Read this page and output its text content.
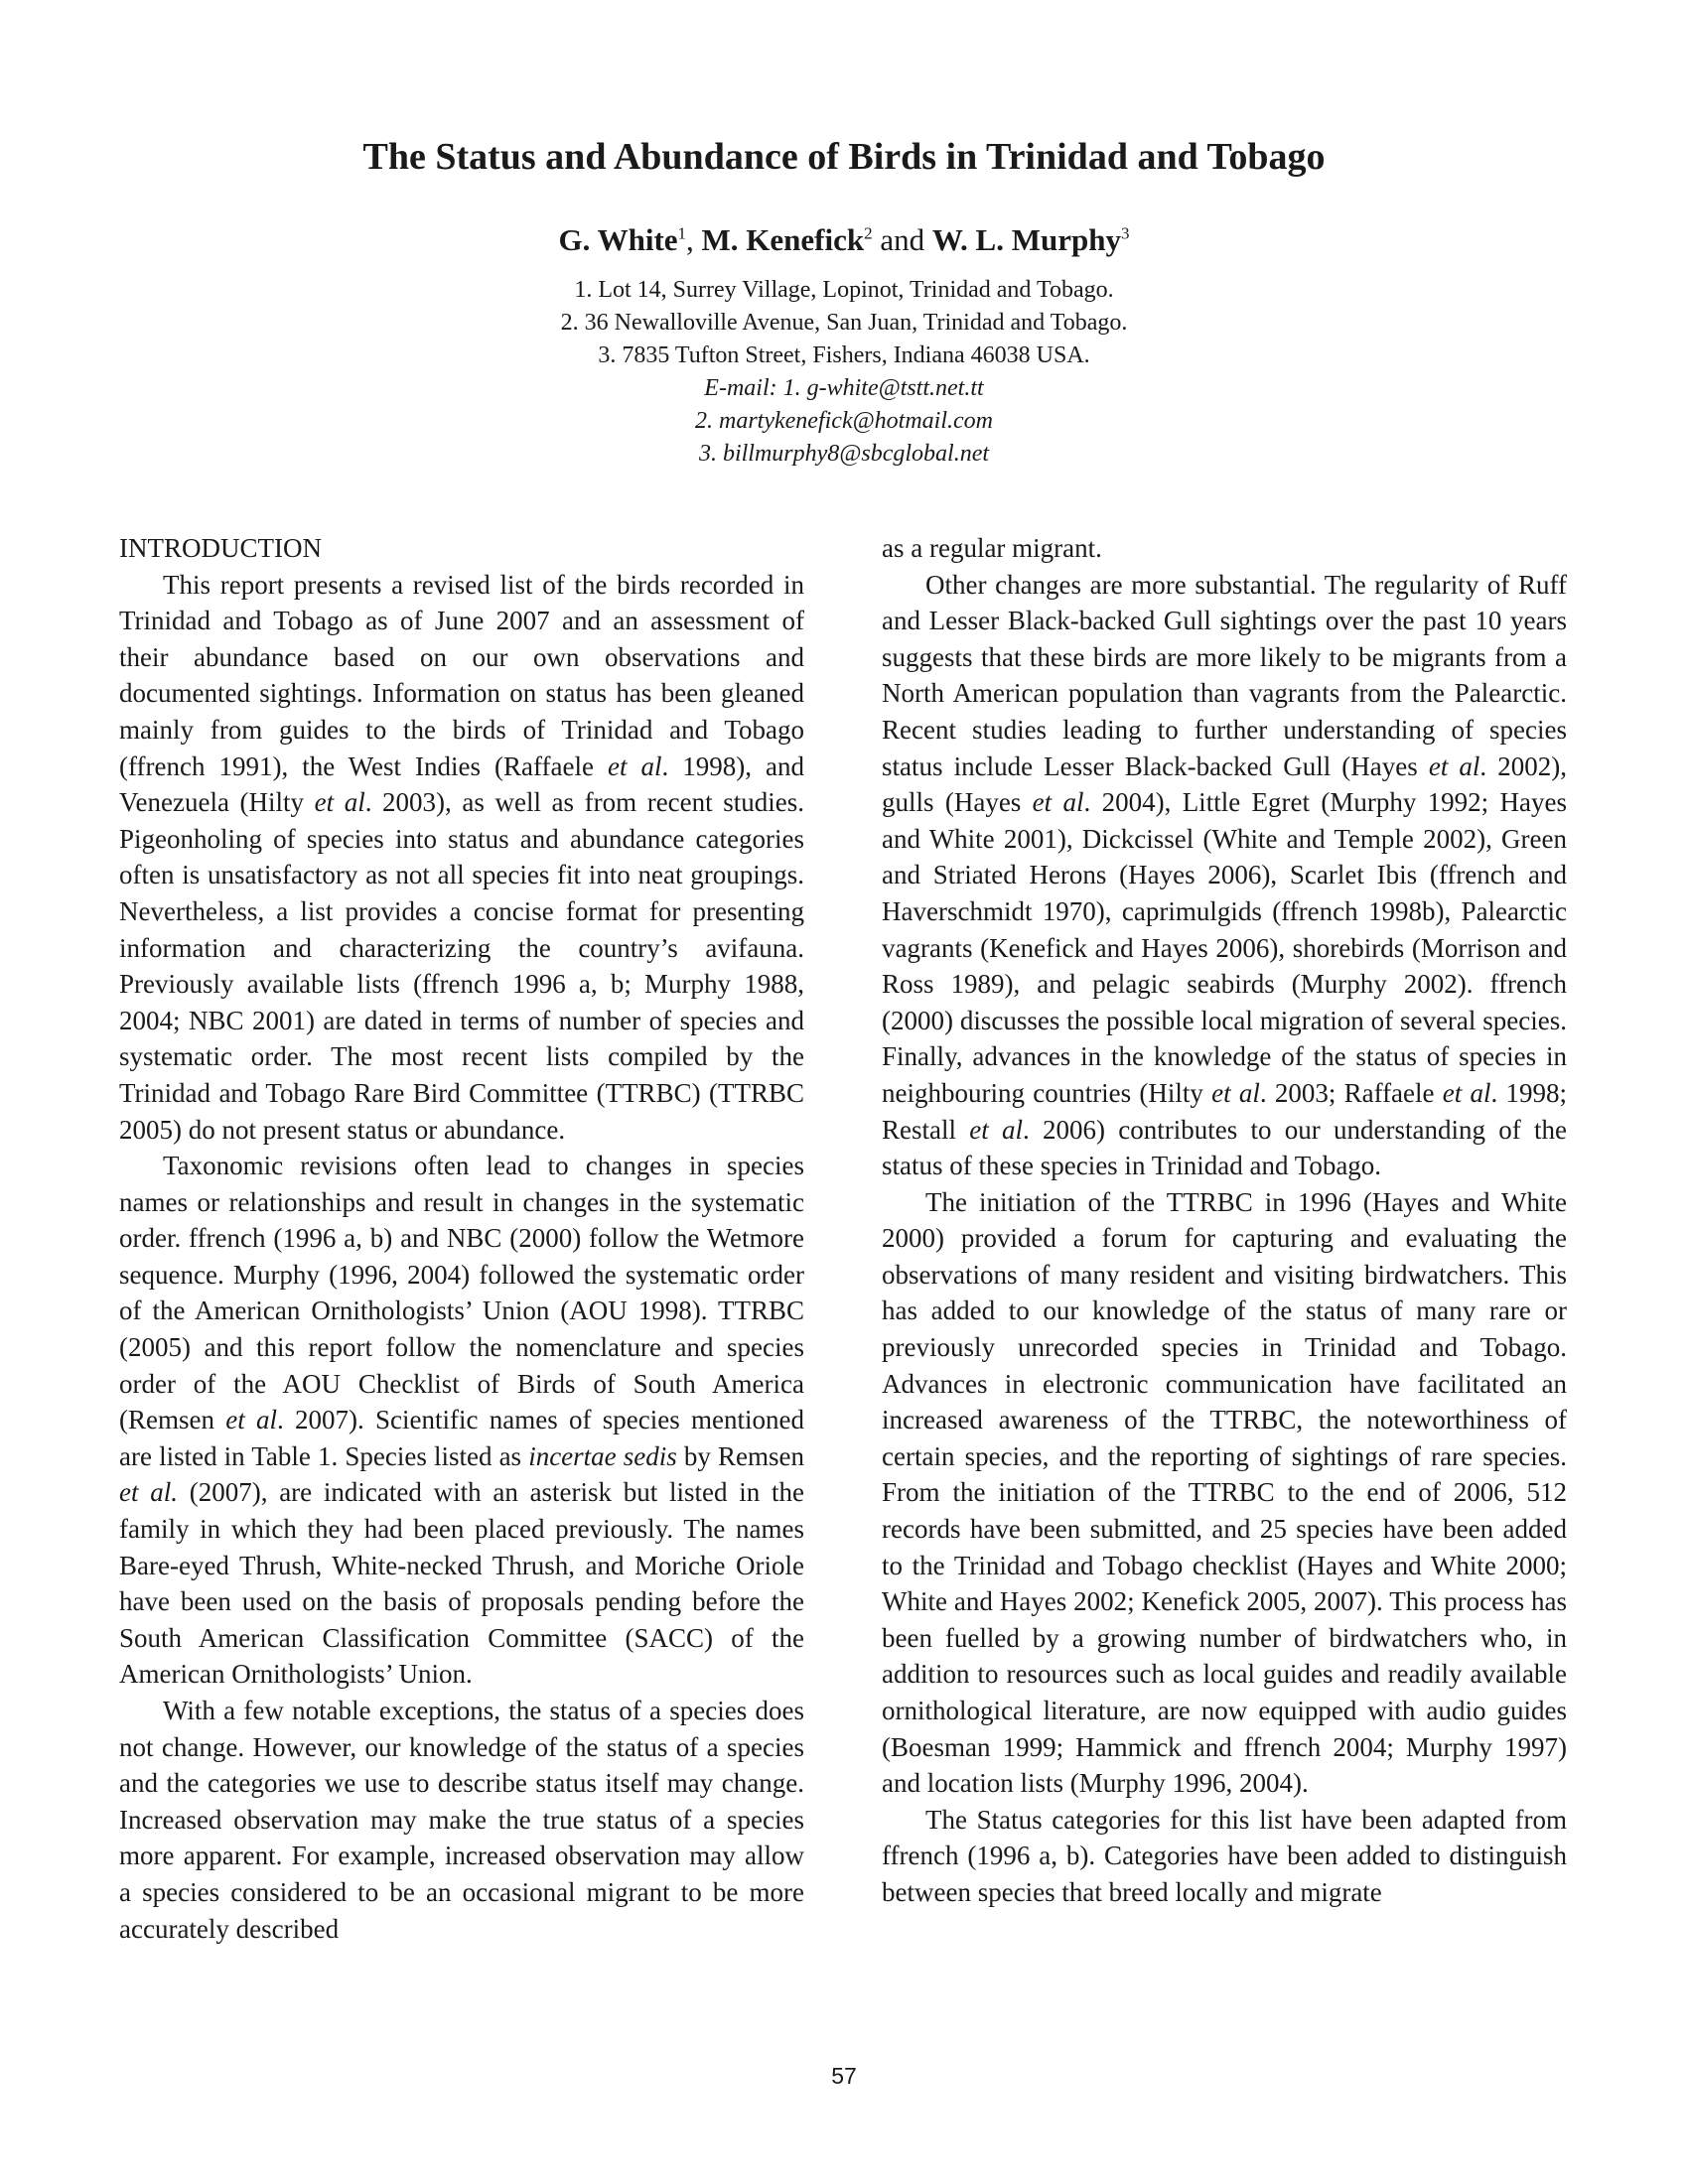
The Status and Abundance of Birds in Trinidad and Tobago
G. White$^1$, M. Kenefick$^2$ and W. L. Murphy$^3$
1. Lot 14, Surrey Village, Lopinot, Trinidad and Tobago.
2. 36 Newalloville Avenue, San Juan, Trinidad and Tobago.
3. 7835 Tufton Street, Fishers, Indiana 46038 USA.
E-mail: 1. g-white@tstt.net.tt
2. martykenefick@hotmail.com
3. billmurphy8@sbcglobal.net
INTRODUCTION

This report presents a revised list of the birds recorded in Trinidad and Tobago as of June 2007 and an assessment of their abundance based on our own observations and documented sightings. Information on status has been gleaned mainly from guides to the birds of Trinidad and Tobago (ffrench 1991), the West Indies (Raffaele et al. 1998), and Venezuela (Hilty et al. 2003), as well as from recent studies. Pigeonholing of species into status and abundance categories often is unsatisfactory as not all species fit into neat groupings. Nevertheless, a list provides a concise format for presenting information and characterizing the country’s avifauna. Previously available lists (ffrench 1996 a, b; Murphy 1988, 2004; NBC 2001) are dated in terms of number of species and systematic order. The most recent lists compiled by the Trinidad and Tobago Rare Bird Committee (TTRBC) (TTRBC 2005) do not present status or abundance.

Taxonomic revisions often lead to changes in species names or relationships and result in changes in the systematic order. ffrench (1996 a, b) and NBC (2000) follow the Wetmore sequence. Murphy (1996, 2004) followed the systematic order of the American Ornithologists’ Union (AOU 1998). TTRBC (2005) and this report follow the nomenclature and species order of the AOU Checklist of Birds of South America (Remsen et al. 2007). Scientific names of species mentioned are listed in Table 1. Species listed as incertae sedis by Remsen et al. (2007), are indicated with an asterisk but listed in the family in which they had been placed previously. The names Bare-eyed Thrush, White-necked Thrush, and Moriche Oriole have been used on the basis of proposals pending before the South American Classification Committee (SACC) of the American Ornithologists’ Union.

With a few notable exceptions, the status of a species does not change. However, our knowledge of the status of a species and the categories we use to describe status itself may change. Increased observation may make the true status of a species more apparent. For example, increased observation may allow a species considered to be an occasional migrant to be more accurately described

as a regular migrant.

Other changes are more substantial. The regularity of Ruff and Lesser Black-backed Gull sightings over the past 10 years suggests that these birds are more likely to be migrants from a North American population than vagrants from the Palearctic. Recent studies leading to further understanding of species status include Lesser Black-backed Gull (Hayes et al. 2002), gulls (Hayes et al. 2004), Little Egret (Murphy 1992; Hayes and White 2001), Dickcissel (White and Temple 2002), Green and Striated Herons (Hayes 2006), Scarlet Ibis (ffrench and Haverschmidt 1970), caprimulgids (ffrench 1998b), Palearctic vagrants (Kenefick and Hayes 2006), shorebirds (Morrison and Ross 1989), and pelagic seabirds (Murphy 2002). ffrench (2000) discusses the possible local migration of several species. Finally, advances in the knowledge of the status of species in neighbouring countries (Hilty et al. 2003; Raffaele et al. 1998; Restall et al. 2006) contributes to our understanding of the status of these species in Trinidad and Tobago.

The initiation of the TTRBC in 1996 (Hayes and White 2000) provided a forum for capturing and evaluating the observations of many resident and visiting birdwatchers. This has added to our knowledge of the status of many rare or previously unrecorded species in Trinidad and Tobago. Advances in electronic communication have facilitated an increased awareness of the TTRBC, the noteworthiness of certain species, and the reporting of sightings of rare species. From the initiation of the TTRBC to the end of 2006, 512 records have been submitted, and 25 species have been added to the Trinidad and Tobago checklist (Hayes and White 2000; White and Hayes 2002; Kenefick 2005, 2007). This process has been fuelled by a growing number of birdwatchers who, in addition to resources such as local guides and readily available ornithological literature, are now equipped with audio guides (Boesman 1999; Hammick and ffrench 2004; Murphy 1997) and location lists (Murphy 1996, 2004).

The Status categories for this list have been adapted from ffrench (1996 a, b). Categories have been added to distinguish between species that breed locally and migrate

57
